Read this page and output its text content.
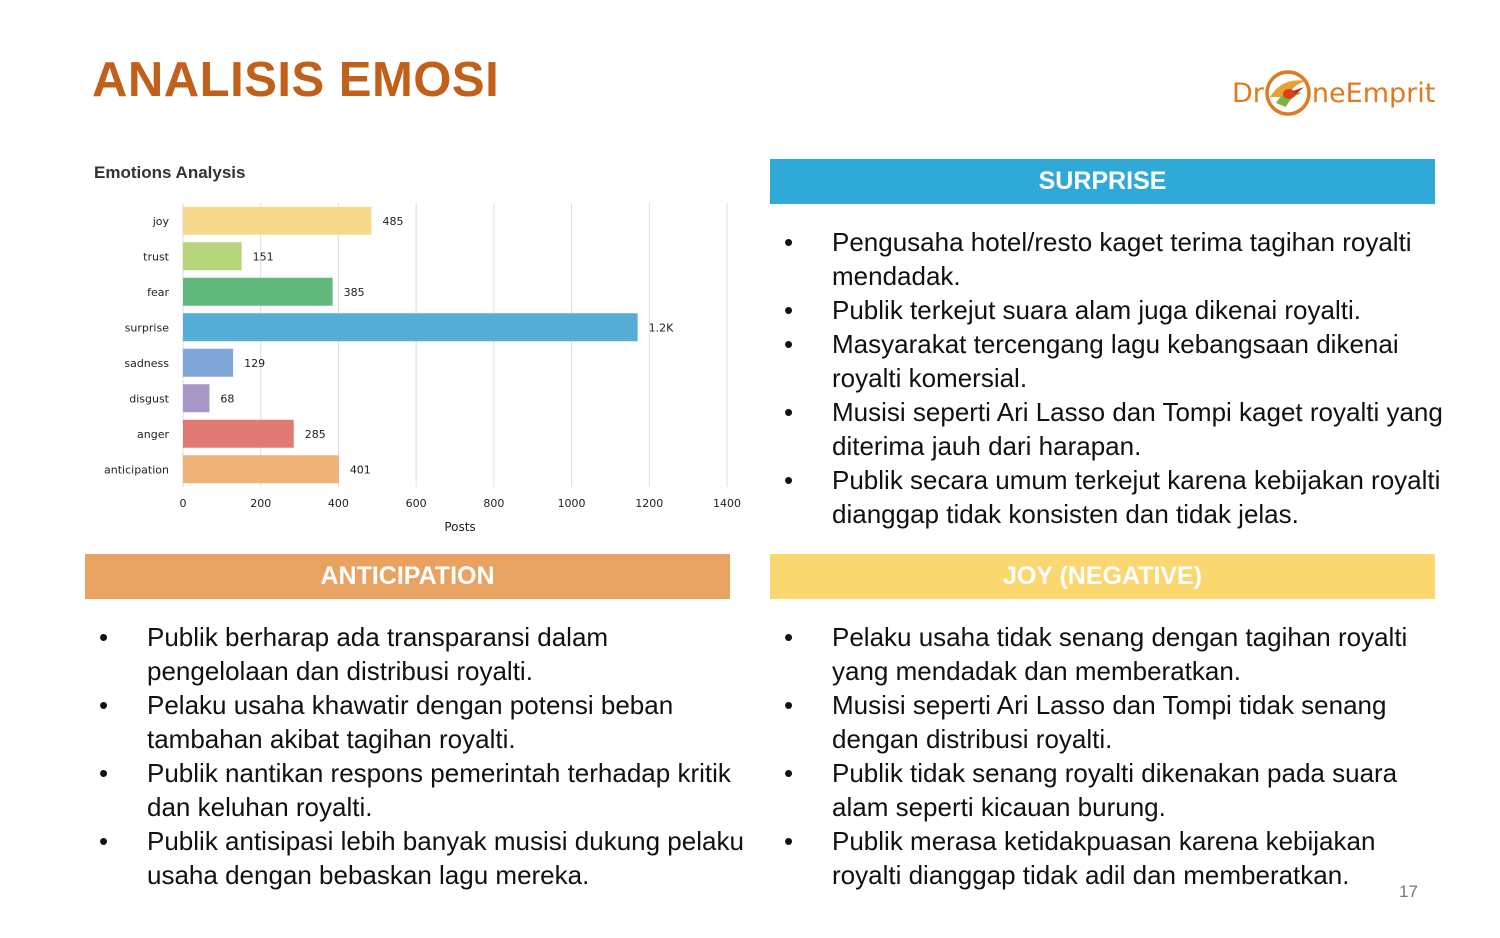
ANALISIS EMOSI	Dr neEmprit
Emotions Analysis
0	200	400	600	800	1000	1200	1400
joy	485
trust	151
fear	385
surprise	1.2K
sadness	129
disgust	68
anger	285
anticipation	401
Posts
SURPRISE
• Pengusaha hotel/resto kaget terima tagihan royalti mendadak.
• Publik terkejut suara alam juga dikenai royalti.
• Masyarakat tercengang lagu kebangsaan dikenai royalti komersial.
• Musisi seperti Ari Lasso dan Tompi kaget royalti yang diterima jauh dari harapan.
• Publik secara umum terkejut karena kebijakan royalti dianggap tidak konsisten dan tidak jelas.
ANTICIPATION
• Publik berharap ada transparansi dalam pengelolaan dan distribusi royalti.
• Pelaku usaha khawatir dengan potensi beban tambahan akibat tagihan royalti.
• Publik nantikan respons pemerintah terhadap kritik dan keluhan royalti.
• Publik antisipasi lebih banyak musisi dukung pelaku usaha dengan bebaskan lagu mereka.
JOY (NEGATIVE)
• Pelaku usaha tidak senang dengan tagihan royalti yang mendadak dan memberatkan.
• Musisi seperti Ari Lasso dan Tompi tidak senang dengan distribusi royalti.
• Publik tidak senang royalti dikenakan pada suara alam seperti kicauan burung.
• Publik merasa ketidakpuasan karena kebijakan royalti dianggap tidak adil dan memberatkan.
17
